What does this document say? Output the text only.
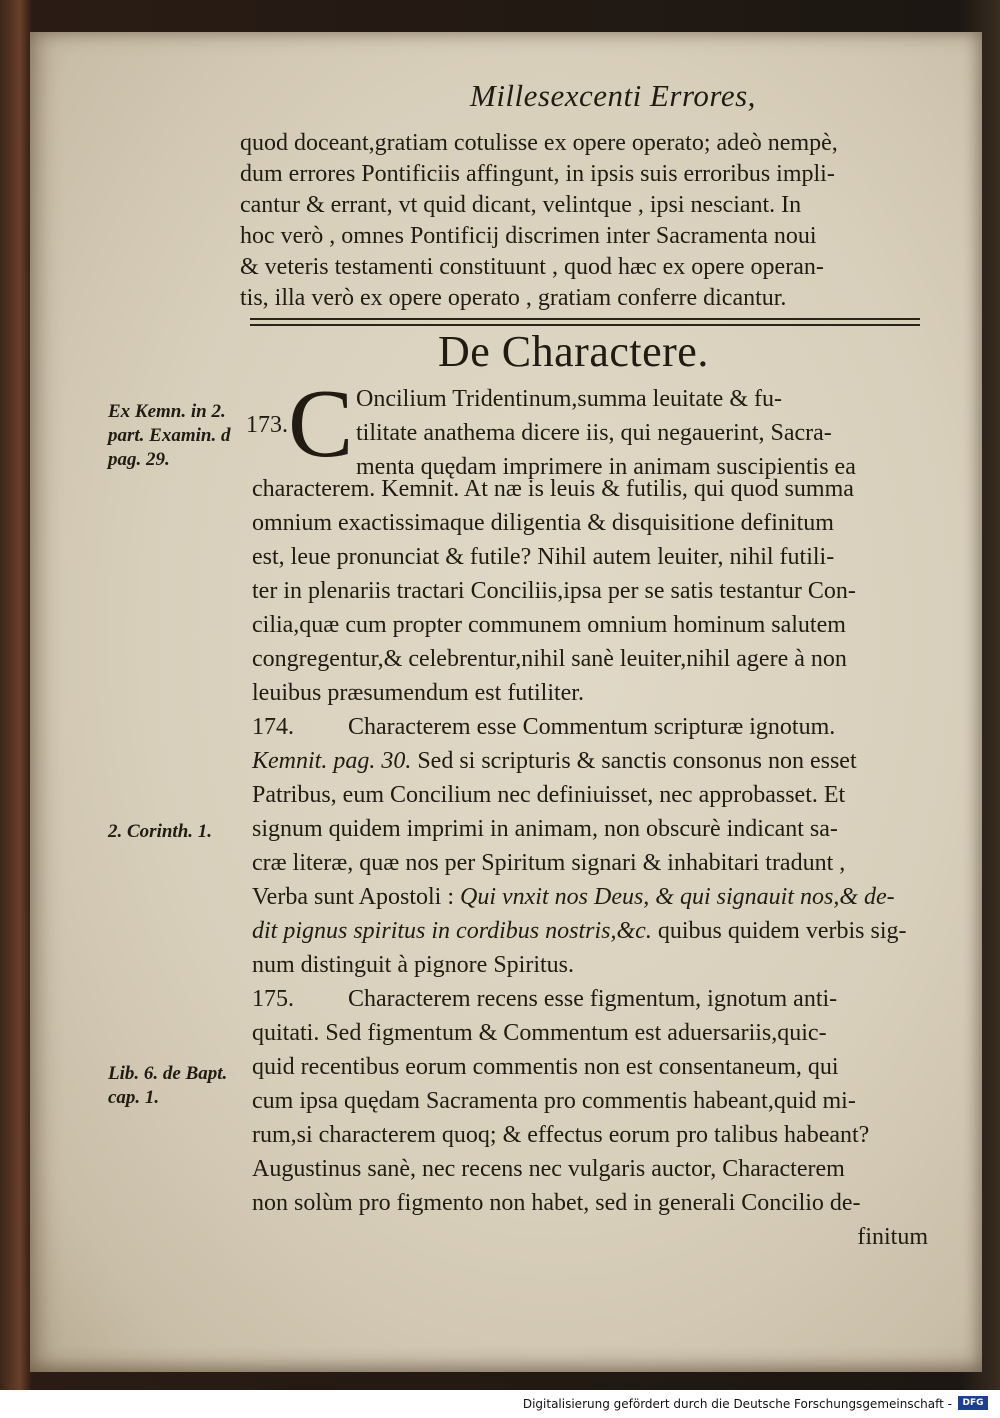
Millesexcenti Errores,

quod doceant,gratiam cotulisse ex opere operato; adeò nempè,

dum errores Pontificiis affingunt, in ipsis suis erroribus impli-

cantur & errant, vt quid dicant, velintque , ipsi nesciant. In

hoc verò , omnes Pontificij discrimen inter Sacramenta noui

& veteris testamenti constituunt , quod hæc ex opere operan-

tis, illa verò ex opere operato , gratiam conferre dicantur.

De Charactere.
173. C Oncilium Tridentinum,summa leuitate & fu-
tilitate anathema dicere iis, qui negauerint, Sacra-
menta quędam imprimere in animam suscipientis ea

characterem. Kemnit. At næ is leuis & futilis, qui quod summa

omnium exactissimaque diligentia & disquisitione definitum

est, leue pronunciat & futile? Nihil autem leuiter, nihil futili-

ter in plenariis tractari Conciliis,ipsa per se satis testantur Con-

cilia,quæ cum propter communem omnium hominum salutem

congregentur,& celebrentur,nihil sanè leuiter,nihil agere à non

leuibus præsumendum est futiliter.

174. Characterem esse Commentum scripturæ ignotum.

Kemnit. pag. 30. Sed si scripturis & sanctis consonus non esset

Patribus, eum Concilium nec definiuisset, nec approbasset. Et

signum quidem imprimi in animam, non obscurè indicant sa-

cræ literæ, quæ nos per Spiritum signari & inhabitari tradunt ,

Verba sunt Apostoli : Qui vnxit nos Deus, & qui signauit nos,& de-

dit pignus spiritus in cordibus nostris,&c. quibus quidem verbis sig-

num distinguit à pignore Spiritus.

175. Characterem recens esse figmentum, ignotum anti-

quitati. Sed figmentum & Commentum est aduersariis,quic-

quid recentibus eorum commentis non est consentaneum, qui

cum ipsa quędam Sacramenta pro commentis habeant,quid mi-

rum,si characterem quoq; & effectus eorum pro talibus habeant?

Augustinus sanè, nec recens nec vulgaris auctor, Characterem

non solùm pro figmento non habet, sed in generali Concilio de-

finitum

Ex Kemn. in 2.
part. Examin. d
pag. 29.
2. Corinth. 1.
Lib. 6. de Bapt.
cap. 1.
Digitalisierung gefördert durch die Deutsche Forschungsgemeinschaft -	DFG
